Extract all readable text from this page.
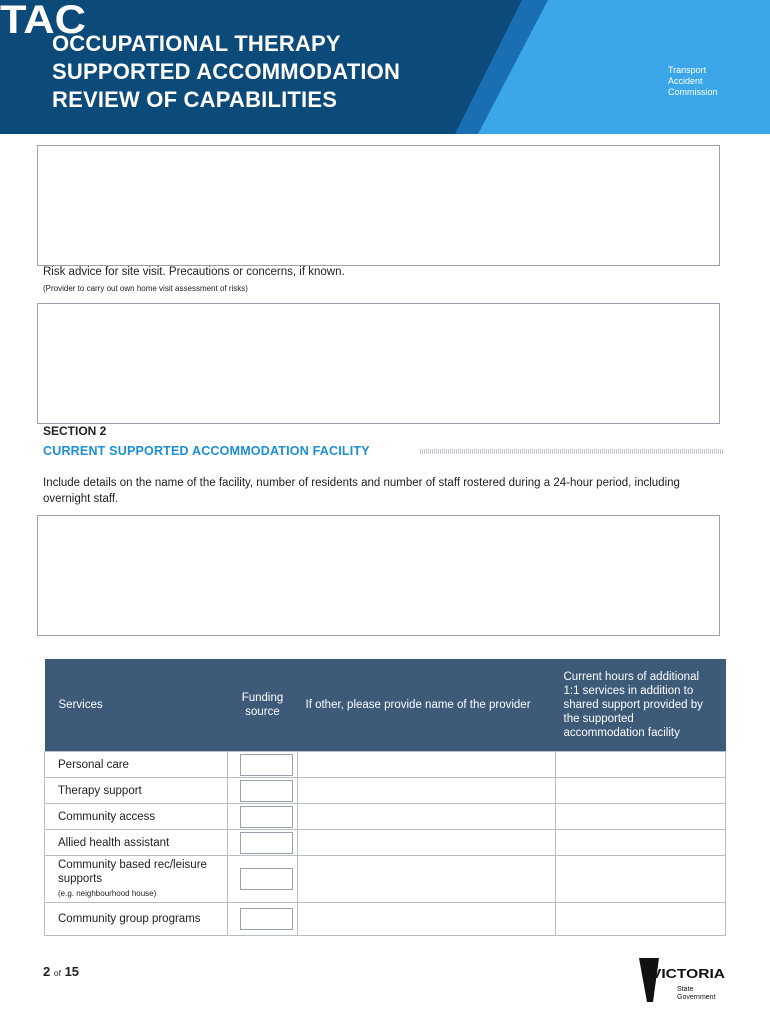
OCCUPATIONAL THERAPY
SUPPORTED ACCOMMODATION
REVIEW OF CAPABILITIES
TAC
Transport
Accident
Commission
Risk advice for site visit. Precautions or concerns, if known.
(Provider to carry out own home visit assessment of risks)
SECTION 2
CURRENT SUPPORTED ACCOMMODATION FACILITY
Include details on the name of the facility, number of residents and number of staff rostered during a 24-hour period, including overnight staff.
Services	Funding source	If other, please provide name of the provider	Current hours of additional 1:1 services in addition to shared support provided by the supported accommodation facility
Personal care	

Therapy support	

Community access	

Allied health assistant	

Community based rec/leisure supports
(e.g. neighbourhood house)			

Community group programs	

2 of 15	VICTORIA
State
Government
